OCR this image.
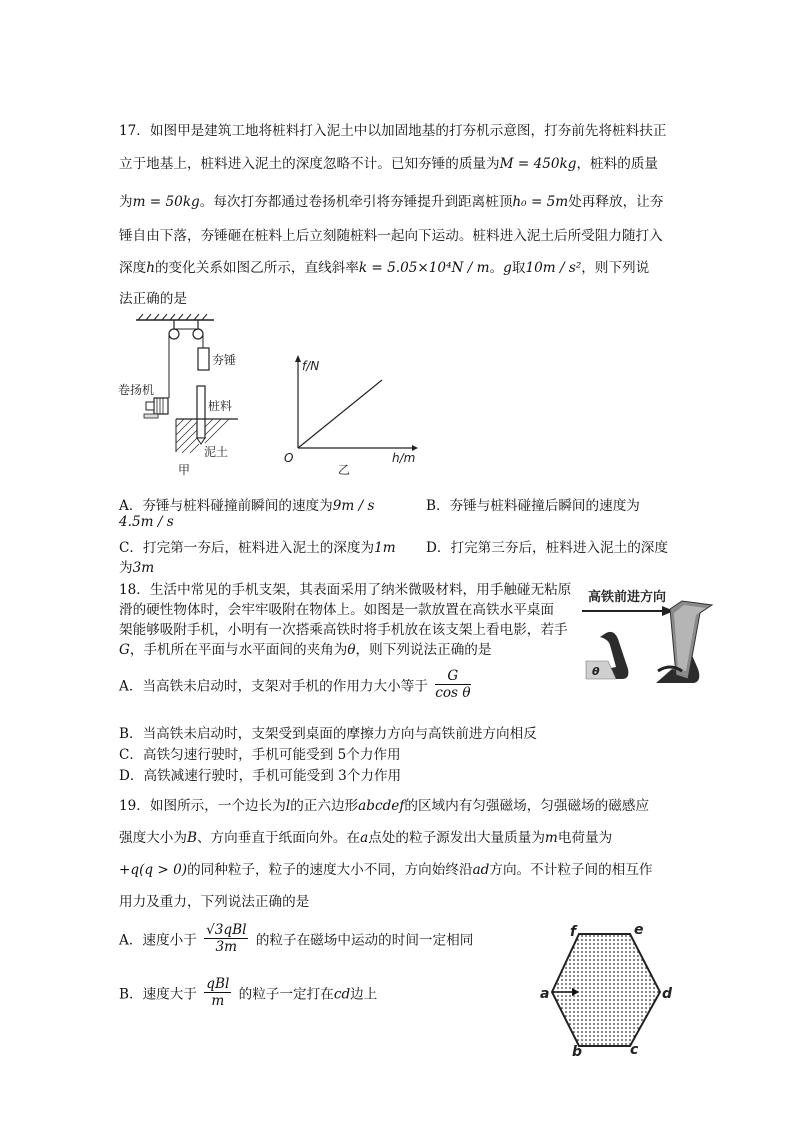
17．如图甲是建筑工地将桩料打入泥土中以加固地基的打夯机示意图，打夯前先将桩料扶正
立于地基上，桩料进入泥土的深度忽略不计。已知夯锤的质量为M = 450kg，桩料的质量
为m = 50kg。每次打夯都通过卷扬机牵引将夯锤提升到距离桩顶h₀ = 5m处再释放，让夯
锤自由下落，夯锤砸在桩料上后立刻随桩料一起向下运动。桩料进入泥土后所受阻力随打入
深度h的变化关系如图乙所示，直线斜率k = 5.05×10⁴N / m。g取10m / s²，则下列说
法正确的是
夯锤
卷扬机
桩料
泥土
甲
f/N
h/m
O
乙
A．夯锤与桩料碰撞前瞬间的速度为9m / s	B．夯锤与桩料碰撞后瞬间的速度为
4.5m / s
C．打完第一夯后，桩料进入泥土的深度为1m D．打完第三夯后，桩料进入泥土的深度
为3m
18．生活中常见的手机支架，其表面采用了纳米微吸材料，用手触碰无粘原
滑的硬性物体时，会牢牢吸附在物体上。如图是一款放置在高铁水平桌面
架能够吸附手机，小明有一次搭乘高铁时将手机放在该支架上看电影，若手
G，手机所在平面与水平面间的夹角为θ，则下列说法正确的是
高铁前进方向
θ
A．当高铁未启动时，支架对手机的作用力大小等于 $\frac{G}{\text{cos θ}}$
B．当高铁未启动时，支架受到桌面的摩擦力方向与高铁前进方向相反
C．高铁匀速行驶时，手机可能受到 5个力作用
D．高铁减速行驶时，手机可能受到 3个力作用
19．如图所示，一个边长为l的正六边形abcdef的区域内有匀强磁场，匀强磁场的磁感应
强度大小为B、方向垂直于纸面向外。在a点处的粒子源发出大量质量为m电荷量为
+q(q > 0)的同种粒子，粒子的速度大小不同，方向始终沿ad方向。不计粒子间的相互作
用力及重力，下列说法正确的是
A．速度小于 $\frac{\text{√3qBl}}{3m}$ 的粒子在磁场中运动的时间一定相同
B．速度大于 $\frac{\text{qBl}}{m}$ 的粒子一定打在cd边上	a
b	c
d
e
f
